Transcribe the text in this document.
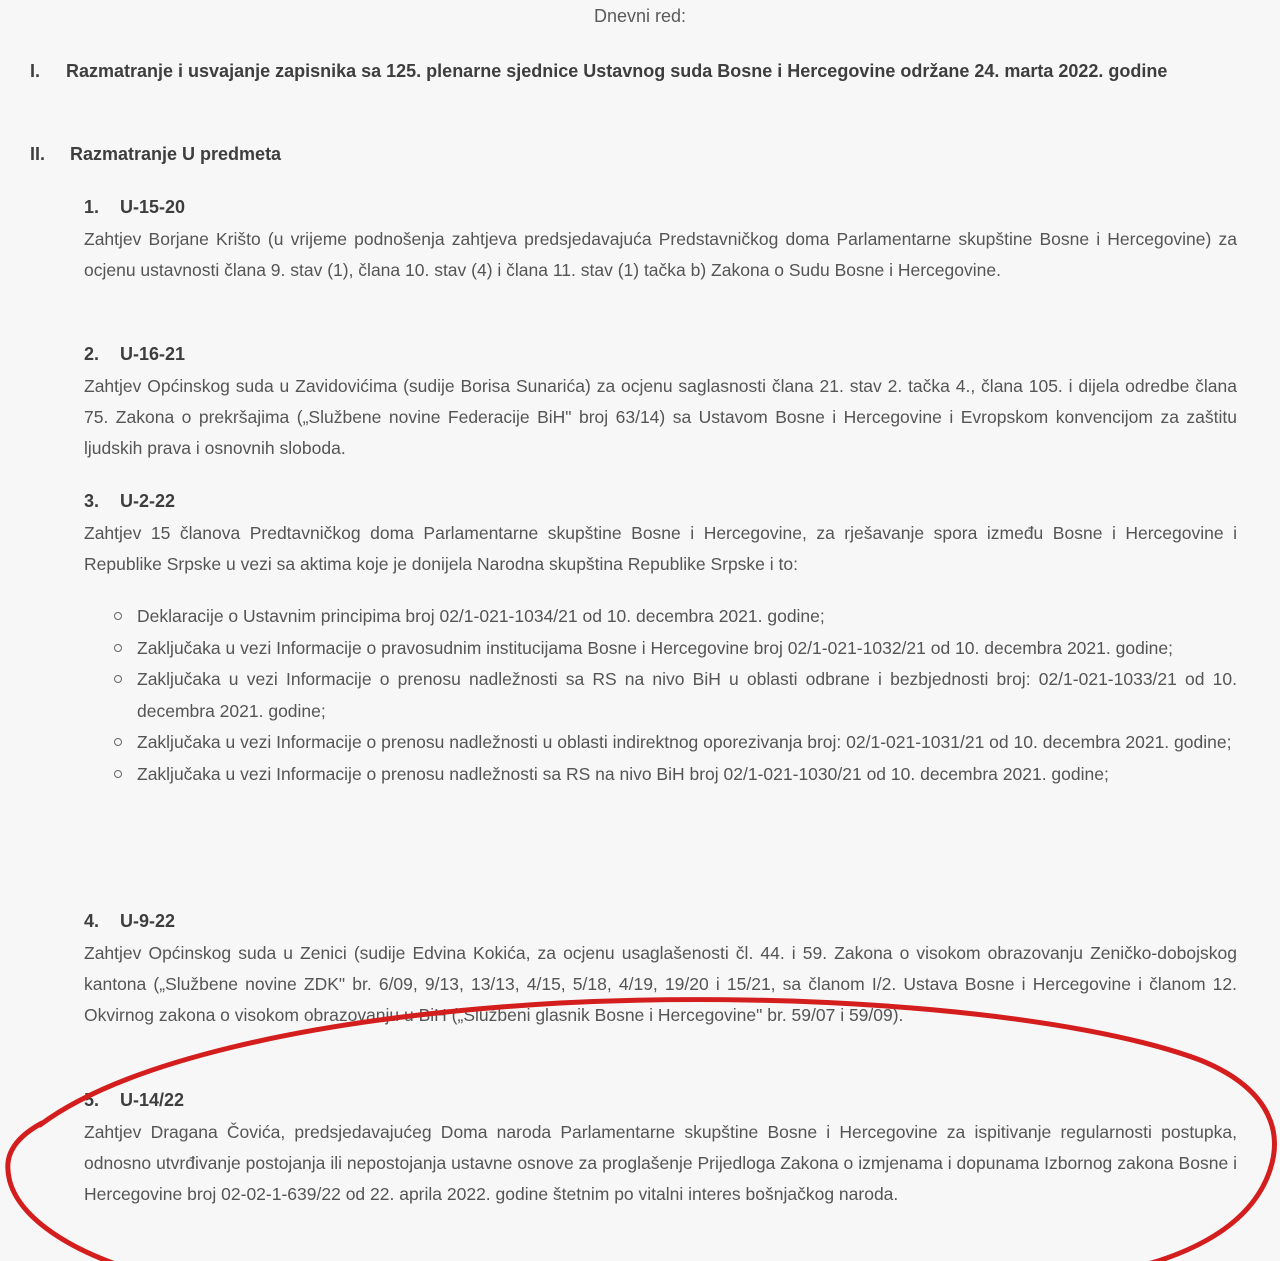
Dnevni red:
I. Razmatranje i usvajanje zapisnika sa 125. plenarne sjednice Ustavnog suda Bosne i Hercegovine održane 24. marta 2022. godine
II. Razmatranje U predmeta
1. U-15-20
Zahtjev Borjane Krišto (u vrijeme podnošenja zahtjeva predsjedavajuća Predstavničkog doma Parlamentarne skupštine Bosne i Hercegovine) za ocjenu ustavnosti člana 9. stav (1), člana 10. stav (4) i člana 11. stav (1) tačka b) Zakona o Sudu Bosne i Hercegovine.
2. U-16-21
Zahtjev Općinskog suda u Zavidovićima (sudije Borisa Sunarića) za ocjenu saglasnosti člana 21. stav 2. tačka 4., člana 105. i dijela odredbe člana 75. Zakona o prekršajima („Službene novine Federacije BiH" broj 63/14) sa Ustavom Bosne i Hercegovine i Evropskom konvencijom za zaštitu ljudskih prava i osnovnih sloboda.
3. U-2-22
Zahtjev 15 članova Predtavničkog doma Parlamentarne skupštine Bosne i Hercegovine, za rješavanje spora između Bosne i Hercegovine i Republike Srpske u vezi sa aktima koje je donijela Narodna skupština Republike Srpske i to:
Deklaracije o Ustavnim principima broj 02/1-021-1034/21 od 10. decembra 2021. godine;
Zaključaka u vezi Informacije o pravosudnim institucijama Bosne i Hercegovine broj 02/1-021-1032/21 od 10. decembra 2021. godine;
Zaključaka u vezi Informacije o prenosu nadležnosti sa RS na nivo BiH u oblasti odbrane i bezbjednosti broj: 02/1-021-1033/21 od 10. decembra 2021. godine;
Zaključaka u vezi Informacije o prenosu nadležnosti u oblasti indirektnog oporezivanja broj: 02/1-021-1031/21 od 10. decembra 2021. godine;
Zaključaka u vezi Informacije o prenosu nadležnosti sa RS na nivo BiH broj 02/1-021-1030/21 od 10. decembra 2021. godine;
4. U-9-22
Zahtjev Općinskog suda u Zenici (sudije Edvina Kokića, za ocjenu usaglašenosti čl. 44. i 59. Zakona o visokom obrazovanju Zeničko-dobojskog kantona („Službene novine ZDK" br. 6/09, 9/13, 13/13, 4/15, 5/18, 4/19, 19/20 i 15/21, sa članom I/2. Ustava Bosne i Hercegovine i članom 12. Okvirnog zakona o visokom obrazovanju u BiH („Službeni glasnik Bosne i Hercegovine" br. 59/07 i 59/09).
5. U-14/22
Zahtjev Dragana Čovića, predsjedavajućeg Doma naroda Parlamentarne skupštine Bosne i Hercegovine za ispitivanje regularnosti postupka, odnosno utvrđivanje postojanja ili nepostojanja ustavne osnove za proglašenje Prijedloga Zakona o izmjenama i dopunama Izbornog zakona Bosne i Hercegovine broj 02-02-1-639/22 od 22. aprila 2022. godine štetnim po vitalni interes bošnjačkog naroda.
